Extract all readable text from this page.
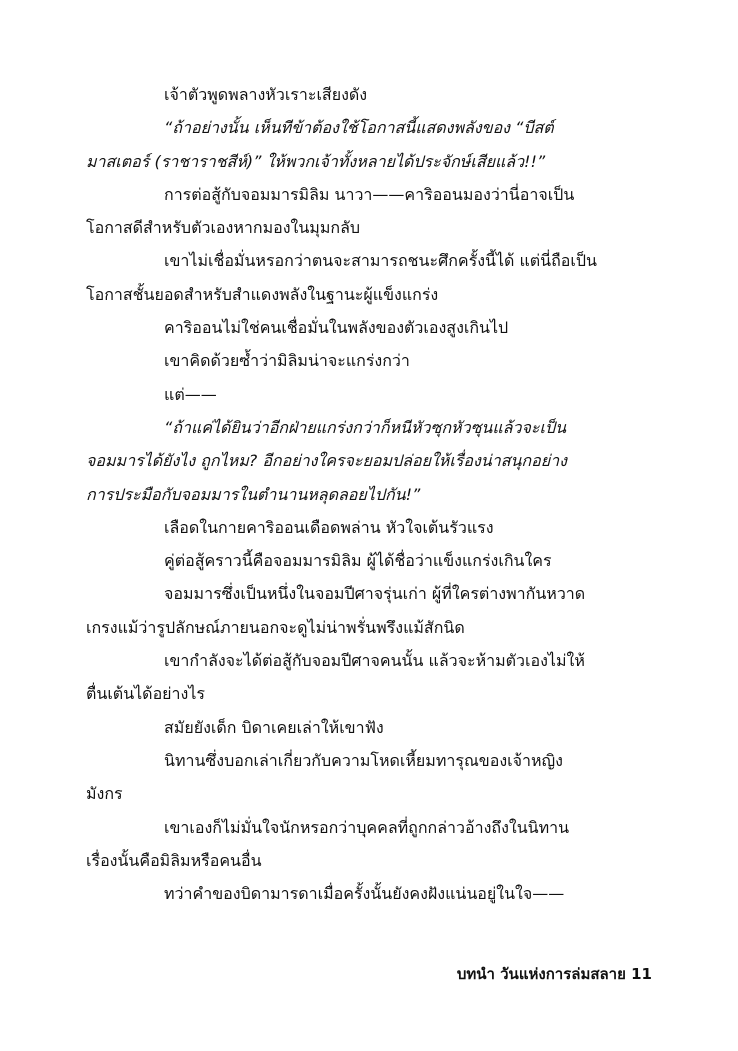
เจ้าตัวพูดพลางหัวเราะเสียงดัง
“ถ้าอย่างนั้น เห็นทีข้าต้องใช้โอกาสนี้แสดงพลังของ “บีสต์
มาสเตอร์ (ราชาราชสีห์)” ให้พวกเจ้าทั้งหลายได้ประจักษ์เสียแล้ว!!”
การต่อสู้กับจอมมารมิลิม นาวา——คาริออนมองว่านี่อาจเป็น
โอกาสดีสำหรับตัวเองหากมองในมุมกลับ
เขาไม่เชื่อมั่นหรอกว่าตนจะสามารถชนะศึกครั้งนี้ได้ แต่นี่ถือเป็น
โอกาสชั้นยอดสำหรับสำแดงพลังในฐานะผู้แข็งแกร่ง
คาริออนไม่ใช่คนเชื่อมั่นในพลังของตัวเองสูงเกินไป
เขาคิดด้วยซ้ำว่ามิลิมน่าจะแกร่งกว่า
แต่——
“ถ้าแค่ได้ยินว่าอีกฝ่ายแกร่งกว่าก็หนีหัวซุกหัวซุนแล้วจะเป็น
จอมมารได้ยังไง ถูกไหม? อีกอย่างใครจะยอมปล่อยให้เรื่องน่าสนุกอย่าง
การประมือกับจอมมารในตำนานหลุดลอยไปกัน!”
เลือดในกายคาริออนเดือดพล่าน หัวใจเต้นรัวแรง
คู่ต่อสู้คราวนี้คือจอมมารมิลิม ผู้ได้ชื่อว่าแข็งแกร่งเกินใคร
จอมมารซึ่งเป็นหนึ่งในจอมปีศาจรุ่นเก่า ผู้ที่ใครต่างพากันหวาด
เกรงแม้ว่ารูปลักษณ์ภายนอกจะดูไม่น่าพรั่นพรึงแม้สักนิด
เขากำลังจะได้ต่อสู้กับจอมปีศาจคนนั้น แล้วจะห้ามตัวเองไม่ให้
ตื่นเต้นได้อย่างไร
สมัยยังเด็ก บิดาเคยเล่าให้เขาฟัง
นิทานซึ่งบอกเล่าเกี่ยวกับความโหดเหี้ยมทารุณของเจ้าหญิง
มังกร
เขาเองก็ไม่มั่นใจนักหรอกว่าบุคคลที่ถูกกล่าวอ้างถึงในนิทาน
เรื่องนั้นคือมิลิมหรือคนอื่น
ทว่าคำของบิดามารดาเมื่อครั้งนั้นยังคงฝังแน่นอยู่ในใจ——
บทนำ วันแห่งการล่มสลาย 11
